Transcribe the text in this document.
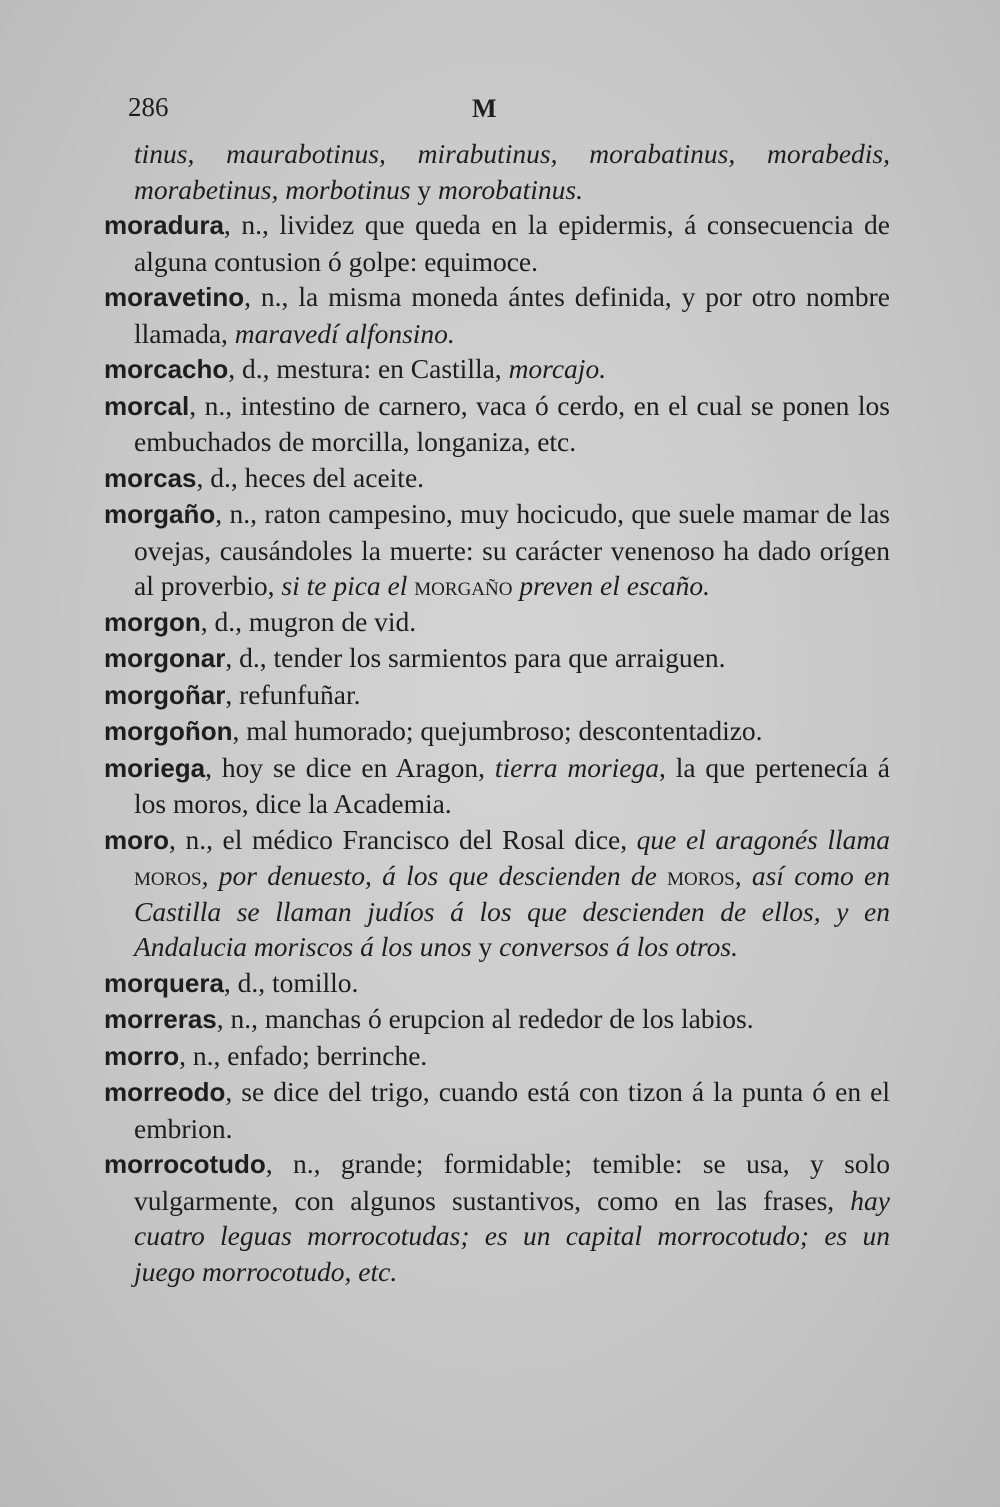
286	M

tinus, maurabotinus, mirabutinus, morabatinus, morabedis, morabetinus, morbotinus y morobatinus.

moradura, n., lividez que queda en la epidermis, á consecuencia de alguna contusion ó golpe: equimoce.

moravetino, n., la misma moneda ántes definida, y por otro nombre llamada, maravedí alfonsino.

morcacho, d., mestura: en Castilla, morcajo.

morcal, n., intestino de carnero, vaca ó cerdo, en el cual se ponen los embuchados de morcilla, longaniza, etc.

morcas, d., heces del aceite.

morgaño, n., raton campesino, muy hocicudo, que suele mamar de las ovejas, causándoles la muerte: su carácter venenoso ha dado orígen al proverbio, si te pica el morgaño preven el escaño.

morgon, d., mugron de vid.

morgonar, d., tender los sarmientos para que arraiguen.

morgoñar, refunfuñar.

morgoñon, mal humorado; quejumbroso; descontentadizo.

moriega, hoy se dice en Aragon, tierra moriega, la que pertenecía á los moros, dice la Academia.

moro, n., el médico Francisco del Rosal dice, que el aragonés llama moros, por denuesto, á los que descienden de moros, así como en Castilla se llaman judíos á los que descienden de ellos, y en Andalucia moriscos á los unos y conversos á los otros.

morquera, d., tomillo.

morreras, n., manchas ó erupcion al rededor de los labios.

morro, n., enfado; berrinche.

morreodo, se dice del trigo, cuando está con tizon á la punta ó en el embrion.

morrocotudo, n., grande; formidable; temible: se usa, y solo vulgarmente, con algunos sustantivos, como en las frases, hay cuatro leguas morrocotudas; es un capital morrocotudo; es un juego morrocotudo, etc.
